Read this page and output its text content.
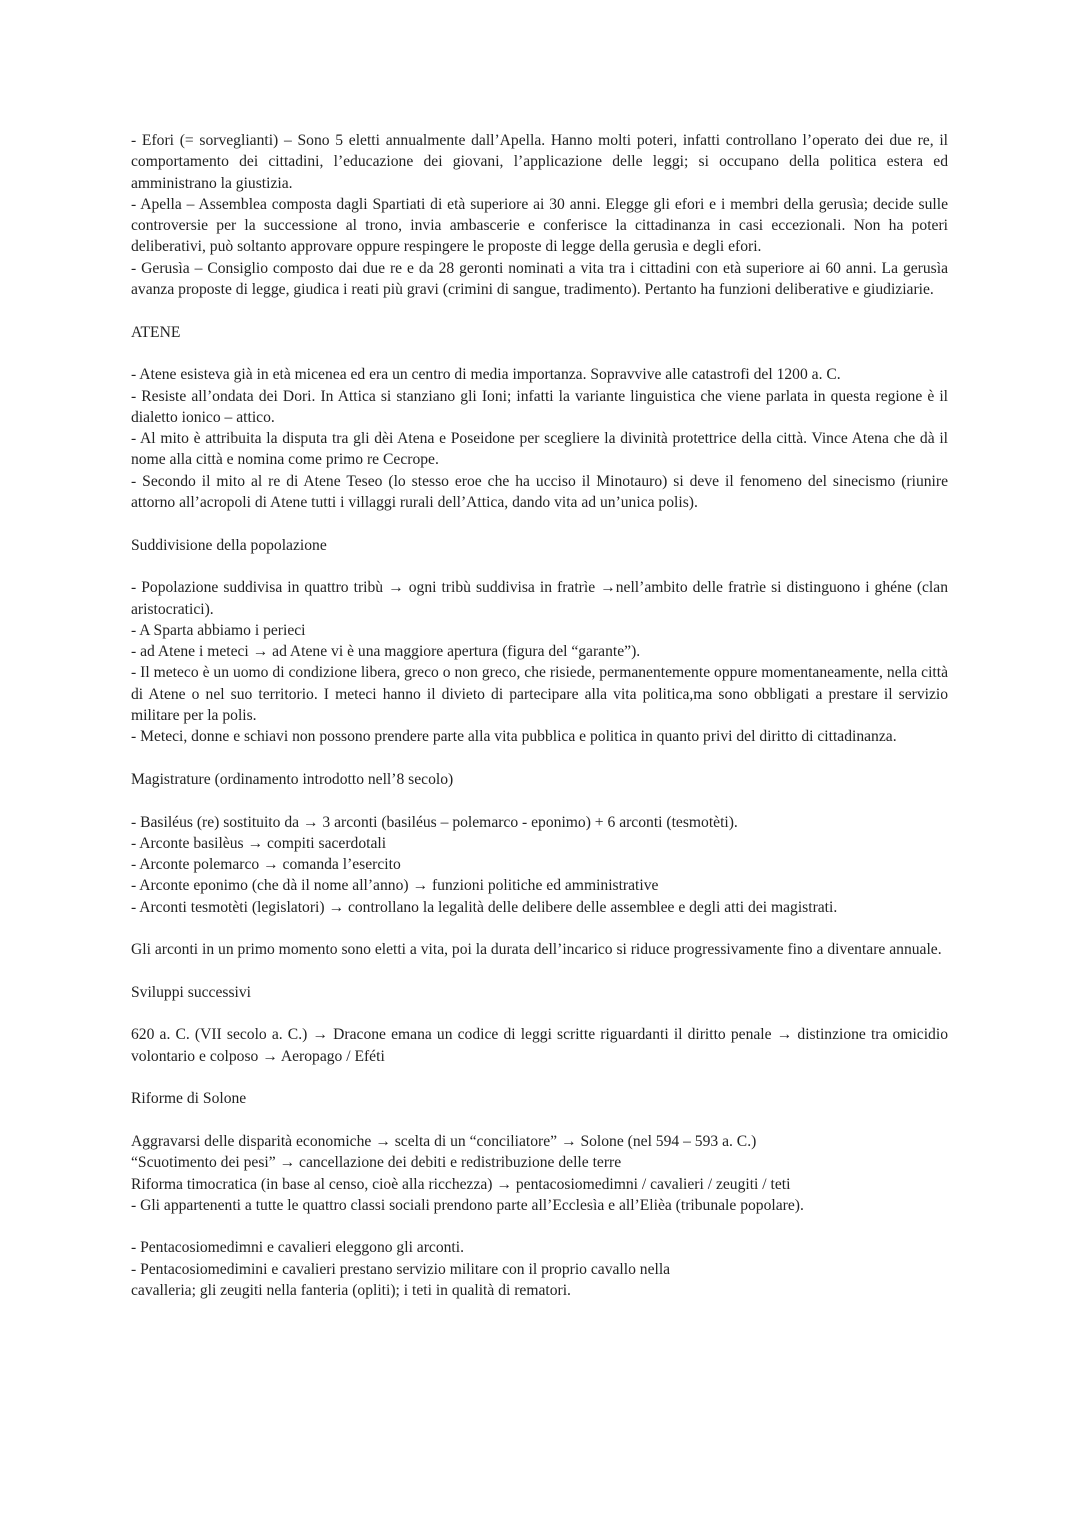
- Efori (= sorveglianti) – Sono 5 eletti annualmente dall’Apella. Hanno molti poteri, infatti controllano l’operato dei due re, il comportamento dei cittadini, l’educazione dei giovani, l’applicazione delle leggi; si occupano della politica estera ed amministrano la giustizia.

- Apella – Assemblea composta dagli Spartiati di età superiore ai 30 anni. Elegge gli efori e i membri della gerusìa; decide sulle controversie per la successione al trono, invia ambascerie e conferisce la cittadinanza in casi eccezionali. Non ha poteri deliberativi, può soltanto approvare oppure respingere le proposte di legge della gerusìa e degli efori.

- Gerusìa – Consiglio composto dai due re e da 28 geronti nominati a vita tra i cittadini con età superiore ai 60 anni. La gerusìa avanza proposte di legge, giudica i reati più gravi (crimini di sangue, tradimento). Pertanto ha funzioni deliberative e giudiziarie.

ATENE

- Atene esisteva già in età micenea ed era un centro di media importanza. Sopravvive alle catastrofi del 1200 a. C.

- Resiste all’ondata dei Dori. In Attica si stanziano gli Ioni; infatti la variante linguistica che viene parlata in questa regione è il dialetto ionico – attico.

- Al mito è attribuita la disputa tra gli dèi Atena e Poseidone per scegliere la divinità protettrice della città. Vince Atena che dà il nome alla città e nomina come primo re Cecrope.

- Secondo il mito al re di Atene Teseo (lo stesso eroe che ha ucciso il Minotauro) si deve il fenomeno del sinecismo (riunire attorno all’acropoli di Atene tutti i villaggi rurali dell’Attica, dando vita ad un’unica polis).

Suddivisione della popolazione

- Popolazione suddivisa in quattro tribù → ogni tribù suddivisa in fratrìe →nell’ambito delle fratrìe si distinguono i ghéne (clan aristocratici).

- A Sparta abbiamo i perieci

- ad Atene i meteci → ad Atene vi è una maggiore apertura (figura del “garante”).

- Il meteco è un uomo di condizione libera, greco o non greco, che risiede, permanentemente oppure momentaneamente, nella città di Atene o nel suo territorio. I meteci hanno il divieto di partecipare alla vita politica,ma sono obbligati a prestare il servizio militare per la polis.

- Meteci, donne e schiavi non possono prendere parte alla vita pubblica e politica in quanto privi del diritto di cittadinanza.

Magistrature (ordinamento introdotto nell’8 secolo)

- Basiléus (re) sostituito da → 3 arconti (basiléus – polemarco - eponimo) + 6 arconti (tesmotèti).

- Arconte basilèus → compiti sacerdotali

- Arconte polemarco → comanda l’esercito

- Arconte eponimo (che dà il nome all’anno) → funzioni politiche ed amministrative

- Arconti tesmotèti (legislatori) → controllano la legalità delle delibere delle assemblee e degli atti dei magistrati.

Gli arconti in un primo momento sono eletti a vita, poi la durata dell’incarico si riduce progressivamente fino a diventare annuale.

Sviluppi successivi

620 a. C. (VII secolo a. C.) → Dracone emana un codice di leggi scritte riguardanti il diritto penale → distinzione tra omicidio volontario e colposo → Aeropago / Eféti

Riforme di Solone

Aggravarsi delle disparità economiche → scelta di un “conciliatore” → Solone (nel 594 – 593 a. C.)

“Scuotimento dei pesi” → cancellazione dei debiti e redistribuzione delle terre

Riforma timocratica (in base al censo, cioè alla ricchezza) → pentacosiomedimni / cavalieri / zeugiti / teti

- Gli appartenenti a tutte le quattro classi sociali prendono parte all’Ecclesìa e all’Elièa (tribunale popolare).

- Pentacosiomedimni e cavalieri eleggono gli arconti.

- Pentacosiomedimini e cavalieri prestano servizio militare con il proprio cavallo nella

cavalleria; gli zeugiti nella fanteria (opliti); i teti in qualità di rematori.
